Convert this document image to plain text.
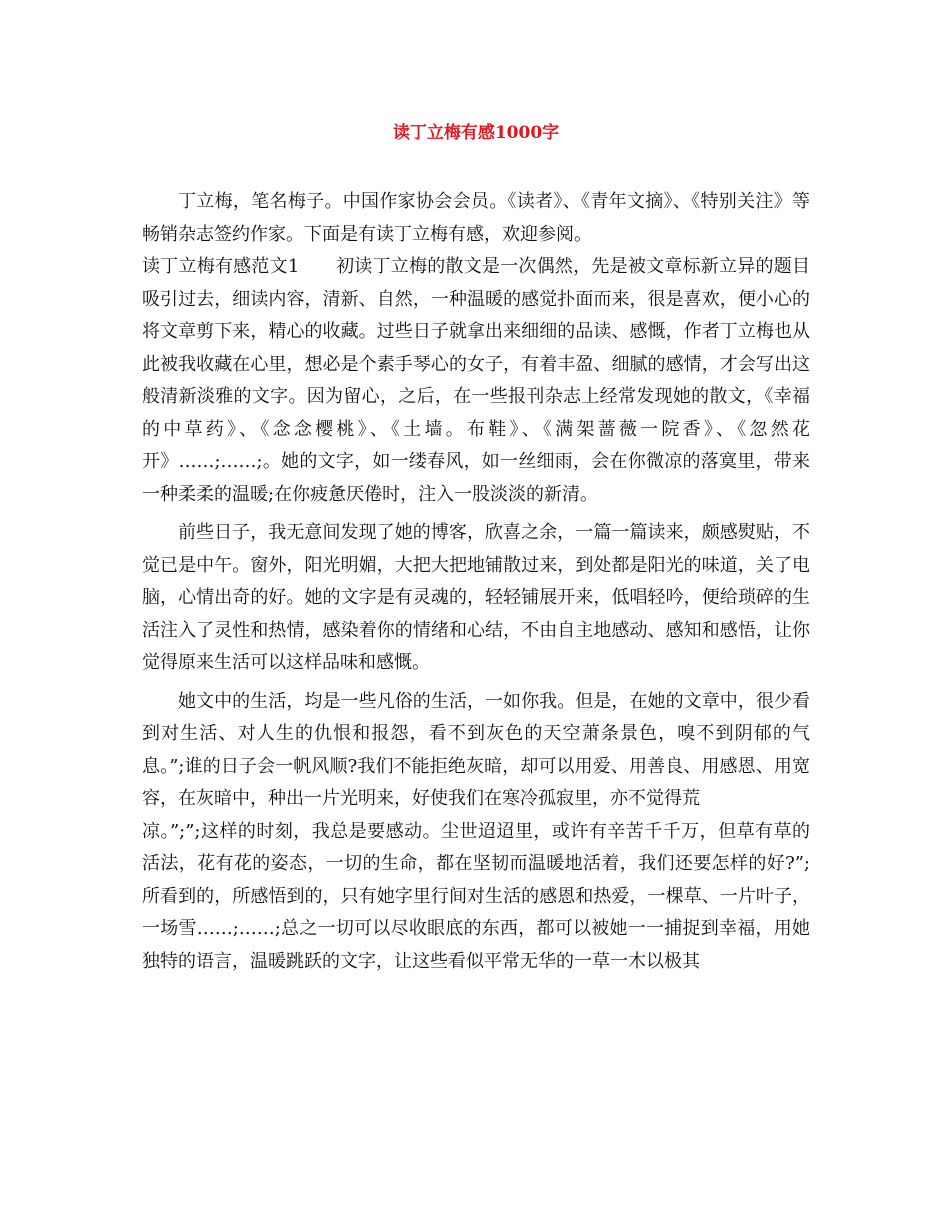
读丁立梅有感1000字

丁立梅，笔名梅子。中国作家协会会员。《读者》、《青年文摘》、《特别关注》等畅销杂志签约作家。下面是有读丁立梅有感，欢迎参阅。

读丁立梅有感范文1　　初读丁立梅的散文是一次偶然，先是被文章标新立异的题目吸引过去，细读内容，清新、自然，一种温暖的感觉扑面而来，很是喜欢，便小心的将文章剪下来，精心的收藏。过些日子就拿出来细细的品读、感慨，作者丁立梅也从此被我收藏在心里，想必是个素手琴心的女子，有着丰盈、细腻的感情，才会写出这般清新淡雅的文字。因为留心，之后，在一些报刊杂志上经常发现她的散文，《幸福的中草药》、《念念樱桃》、《土墙。布鞋》、《满架蔷薇一院香》、《忽然花开》……;……;。她的文字，如一缕春风，如一丝细雨，会在你微凉的落寞里，带来一种柔柔的温暖;在你疲惫厌倦时，注入一股淡淡的新清。

前些日子，我无意间发现了她的博客，欣喜之余，一篇一篇读来，颇感熨贴，不觉已是中午。窗外，阳光明媚，大把大把地铺散过来，到处都是阳光的味道，关了电脑，心情出奇的好。她的文字是有灵魂的，轻轻铺展开来，低唱轻吟，便给琐碎的生活注入了灵性和热情，感染着你的情绪和心结，不由自主地感动、感知和感悟，让你觉得原来生活可以这样品味和感慨。

她文中的生活，均是一些凡俗的生活，一如你我。但是，在她的文章中，很少看到对生活、对人生的仇恨和报怨，看不到灰色的天空萧条景色，嗅不到阴郁的气息。”;谁的日子会一帆风顺?我们不能拒绝灰暗，却可以用爱、用善良、用感恩、用宽容，在灰暗中，种出一片光明来，好使我们在寒冷孤寂里，亦不觉得荒

凉。”;”;这样的时刻，我总是要感动。尘世迢迢里，或许有辛苦千千万，但草有草的活法，花有花的姿态，一切的生命，都在坚韧而温暖地活着，我们还要怎样的好?”;所看到的，所感悟到的，只有她字里行间对生活的感恩和热爱，一棵草、一片叶子，一场雪……;……;总之一切可以尽收眼底的东西，都可以被她一一捕捉到幸福，用她独特的语言，温暖跳跃的文字，让这些看似平常无华的一草一木以极其
